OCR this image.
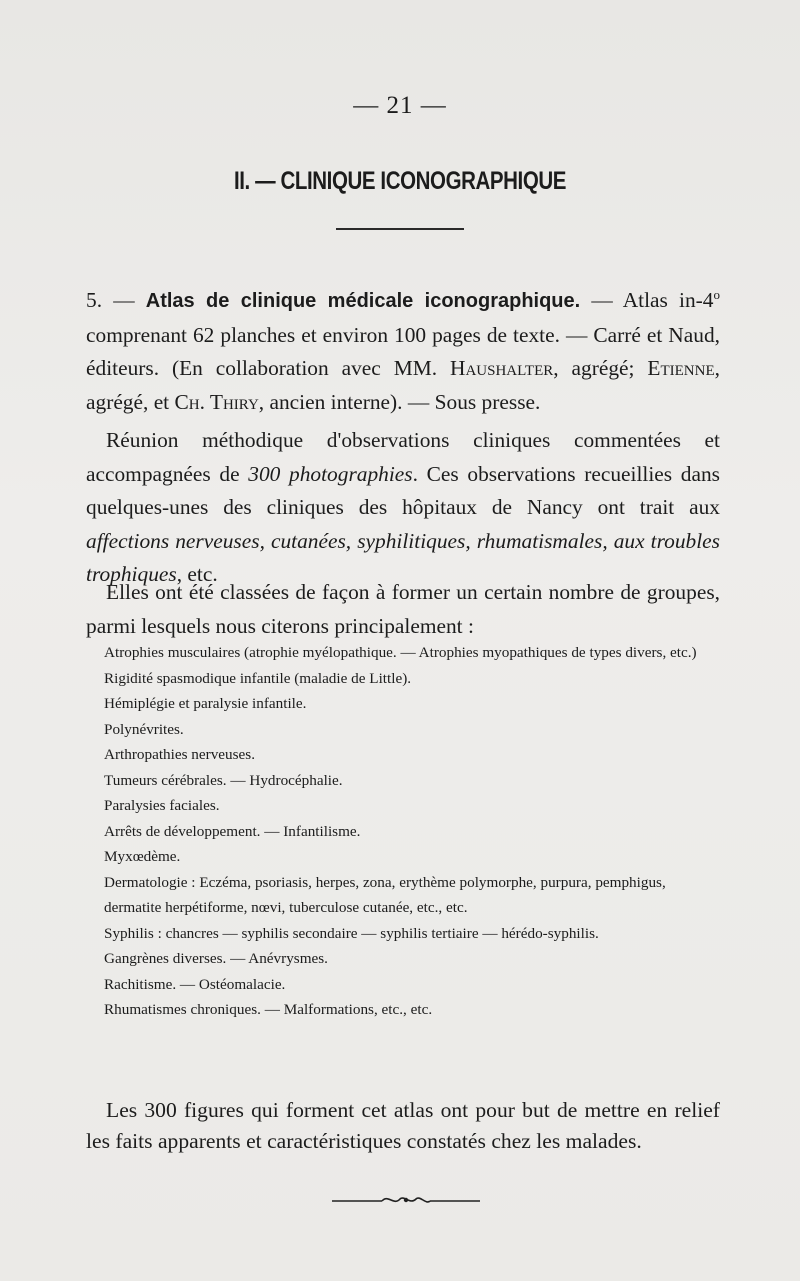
— 21 —
II. — CLINIQUE ICONOGRAPHIQUE

5. — Atlas de clinique médicale iconographique. — Atlas in-4$^o$ comprenant 62 planches et environ 100 pages de texte. — Carré et Naud, éditeurs. (En collaboration avec MM. Haushalter, agrégé; Etienne, agrégé, et Ch. Thiry, ancien interne). — Sous presse.

Réunion méthodique d'observations cliniques commentées et accompagnées de 300 photographies. Ces observations recueillies dans quelques-unes des cliniques des hôpitaux de Nancy ont trait aux affections nerveuses, cutanées, syphilitiques, rhumatismales, aux troubles trophiques, etc.

Elles ont été classées de façon à former un certain nombre de groupes, parmi lesquels nous citerons principalement :

Atrophies musculaires (atrophie myélopathique. — Atrophies myopathiques de types divers, etc.)
Rigidité spasmodique infantile (maladie de Little).
Hémiplégie et paralysie infantile.
Polynévrites.
Arthropathies nerveuses.
Tumeurs cérébrales. — Hydrocéphalie.
Paralysies faciales.
Arrêts de développement. — Infantilisme.
Myxœdème.
Dermatologie : Eczéma, psoriasis, herpes, zona, erythème polymorphe, purpura, pemphigus, dermatite herpétiforme, nœvi, tuberculose cutanée, etc., etc.
Syphilis : chancres — syphilis secondaire — syphilis tertiaire — hérédo-syphilis.
Gangrènes diverses. — Anévrysmes.
Rachitisme. — Ostéomalacie.
Rhumatismes chroniques. — Malformations, etc., etc.

Les 300 figures qui forment cet atlas ont pour but de mettre en relief les faits apparents et caractéristiques constatés chez les malades.
